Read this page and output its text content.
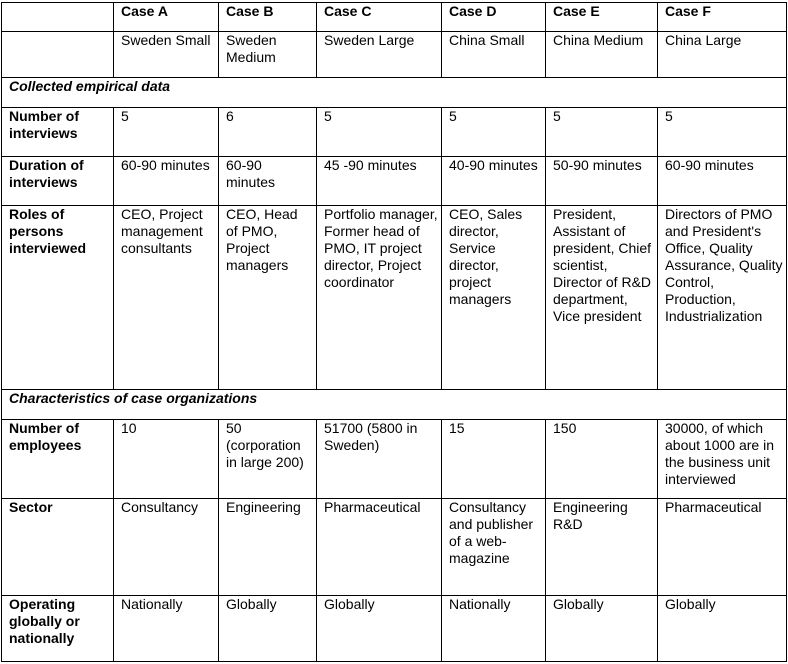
	Case A	Case B	Case C	Case D	Case E	Case F
	Sweden Small	Sweden Medium	Sweden Large	China Small	China Medium	China Large
Collected empirical data						
Number of interviews	5	6	5	5	5	5
Duration of interviews	60-90 minutes	60-90 minutes	45 -90 minutes	40-90 minutes	50-90 minutes	60-90 minutes
Roles of persons interviewed	CEO, Project management consultants	CEO, Head of PMO, Project managers	Portfolio manager, Former head of PMO, IT project director, Project coordinator	CEO, Sales director, Service director, project managers	President, Assistant of president, Chief scientist, Director of R&D department, Vice president	Directors of PMO and President's Office, Quality Assurance, Quality Control, Production, Industrialization
Characteristics of case organizations						
Number of employees	10	50 (corporation in large 200)	51700 (5800 in Sweden)	15	150	30000, of which about 1000 are in the business unit interviewed
Sector	Consultancy	Engineering	Pharmaceutical	Consultancy and publisher of a web-magazine	Engineering R&D	Pharmaceutical
Operating globally or nationally	Nationally	Globally	Globally	Nationally	Globally	Globally
